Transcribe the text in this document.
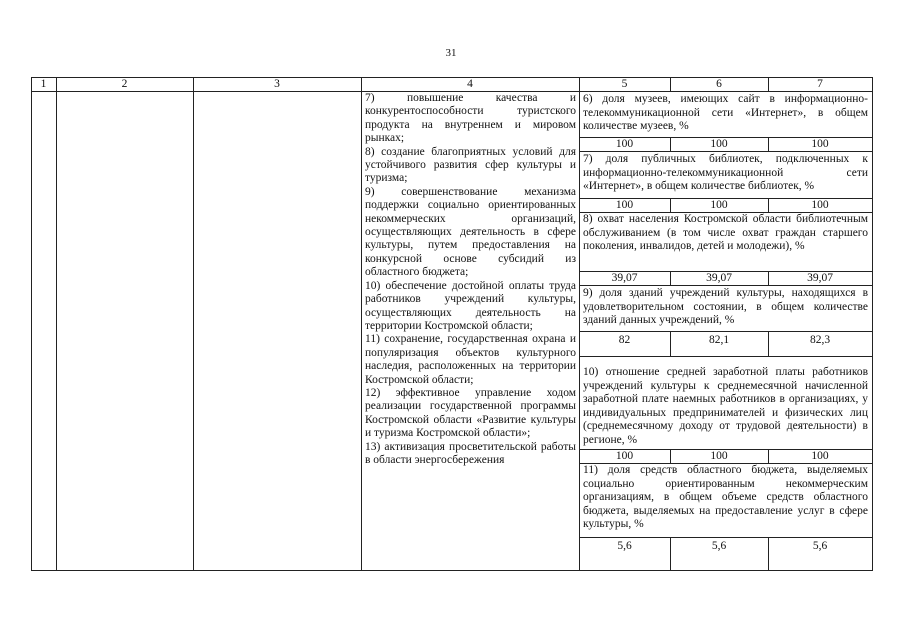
31
1	2	3	4	5	6	7

7) повышение качества и конкурентоспособности туристского продукта на внутреннем и мировом рынках;

8) создание благоприятных условий для устойчивого развития сфер культуры и туризма;

9) совершенствование механизма поддержки социально ориентированных некоммерческих организаций, осуществляющих деятельность в сфере культуры, путем предоставления на конкурсной основе субсидий из областного бюджета;

10) обеспечение достойной оплаты труда работников учреждений культуры, осуществляющих деятельность на территории Костромской области;

11) сохранение, государственная охрана и популяризация объектов культурного наследия, расположенных на территории Костромской области;

12) эффективное управление ходом реализации государственной программы Костромской области «Развитие культуры и туризма Костромской области»;

13) активизация просветительской работы в области энергосбережения

6) доля музеев, имеющих сайт в информационно-телекоммуникационной сети «Интернет», в общем количестве музеев, %
100	100	100
7) доля публичных библиотек, подключенных к информационно-телекоммуникационной сети «Интернет», в общем количестве библиотек, %
100	100	100
8) охват населения Костромской области библиотечным обслуживанием (в том числе охват граждан старшего поколения, инвалидов, детей и молодежи), %
39,07	39,07	39,07
9) доля зданий учреждений культуры, находящихся в удовлетворительном состоянии, в общем количестве зданий данных учреждений, %
82	82,1	82,3
10) отношение средней заработной платы работников учреждений культуры к среднемесячной начисленной заработной плате наемных работников в организациях, у индивидуальных предпринимателей и физических лиц (среднемесячному доходу от трудовой деятельности) в регионе, %
100	100	100
11) доля средств областного бюджета, выделяемых социально ориентированным некоммерческим организациям, в общем объеме средств областного бюджета, выделяемых на предоставление услуг в сфере культуры, %
5,6	5,6	5,6
